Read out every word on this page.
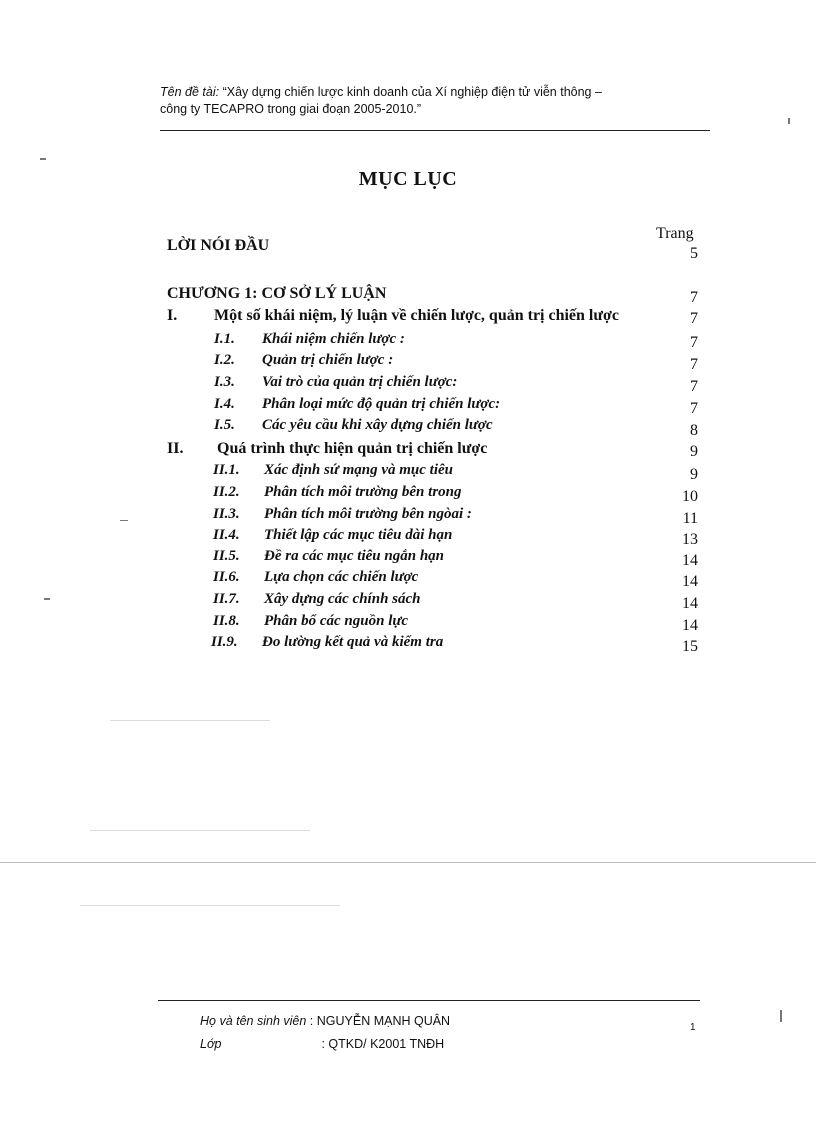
Tên đề tài: “Xây dựng chiến lược kinh doanh của Xí nghiệp điện tử viễn thông –
công ty TECAPRO trong giai đoạn 2005-2010.”
MỤC LỤC
Trang
LỜI NÓI ĐẦU	5
CHƯƠNG 1: CƠ SỞ LÝ LUẬN	7
I. Một số khái niệm, lý luận về chiến lược, quản trị chiến lược	7
I.1. Khái niệm chiến lược :	7
I.2. Quản trị chiến lược :	7
I.3. Vai trò của quản trị chiến lược:	7
I.4. Phân loại mức độ quản trị chiến lược:	7
I.5. Các yêu cầu khi xây dựng chiến lược	8
II. Quá trình thực hiện quản trị chiến lược	9
II.1. Xác định sứ mạng và mục tiêu	9
II.2. Phân tích môi trường bên trong	10
II.3. Phân tích môi trường bên ngòai :	11
II.4. Thiết lập các mục tiêu dài hạn	13
II.5. Đề ra các mục tiêu ngắn hạn	14
II.6. Lựa chọn các chiến lược	14
II.7. Xây dựng các chính sách	14
II.8. Phân bổ các nguồn lực	14
II.9. Đo lường kết quả và kiểm tra	15
Họ và tên sinh viên : NGUYỄN MẠNH QUÂN
Lớp	: QTKD/ K2001 TNĐH
1
